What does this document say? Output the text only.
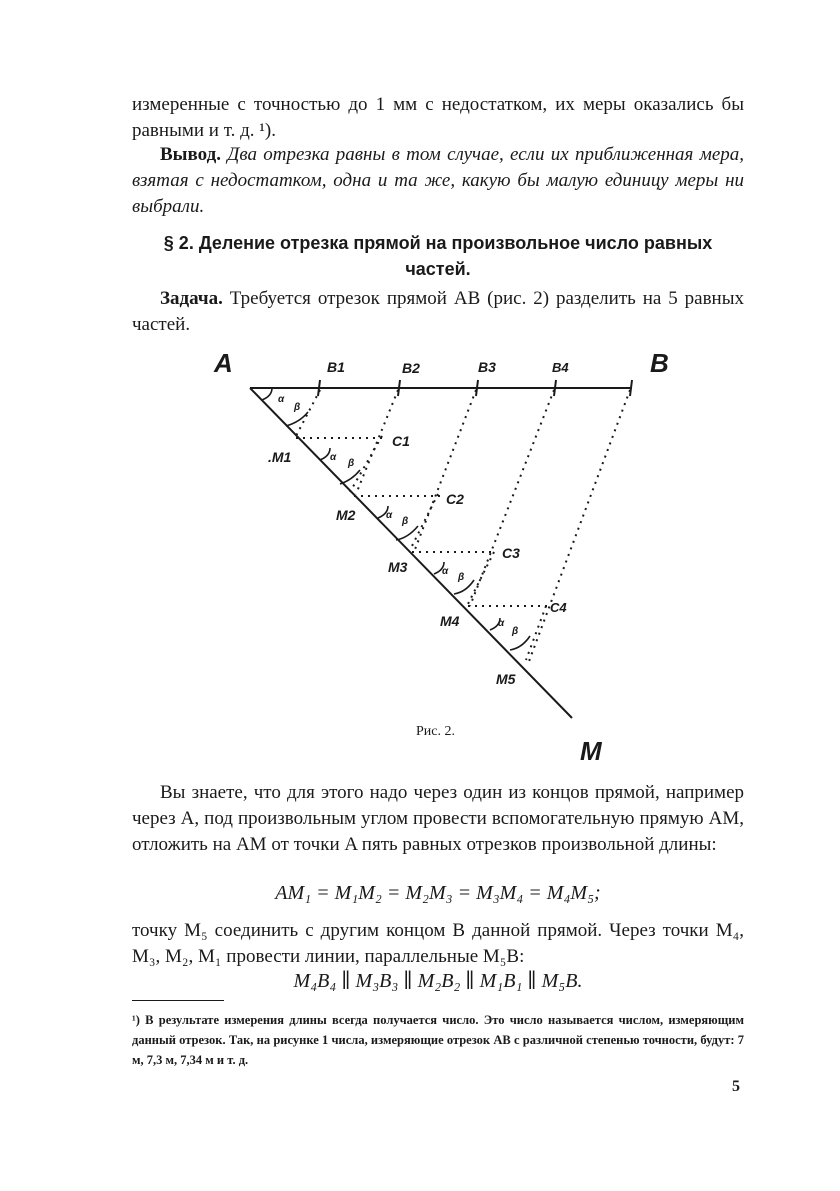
измеренные с точностью до 1 мм с недостатком, их меры оказались бы равными и т. д. ¹).

Вывод. Два отрезка равны в том случае, если их приближенная мера, взятая с недостатком, одна и та же, какую бы малую единицу меры ни выбрали.

§ 2. Деление отрезка прямой на произвольное число равных частей.

Задача. Требуется отрезок прямой AB (рис. 2) разделить на 5 равных частей.

A	B
M
B1	B2	B3	B4
.M1
M2
M3
M4
M5
C1
C2
C3
C4
α
β
α
β
α
β
α
β
α
β
Рис. 2.

Вы знаете, что для этого надо через один из концов прямой, например через A, под произвольным углом провести вспомогательную прямую AM, отложить на AM от точки A пять равных отрезков произвольной длины:

AM₁ = M₁M₂ = M₂M₃ = M₃M₄ = M₄M₅;

точку M₅ соединить с другим концом B данной прямой. Через точки M₄, M₃, M₂, M₁ провести линии, параллельные M₅B:

M₄B₄ ∥ M₃B₃ ∥ M₂B₂ ∥ M₁B₁ ∥ M₅B.

¹) В результате измерения длины всегда получается число. Это число называется числом, измеряющим данный отрезок. Так, на рисунке 1 числа, измеряющие отрезок AB с различной степенью точности, будут: 7 м, 7,3 м, 7,34 м и т. д.

5
